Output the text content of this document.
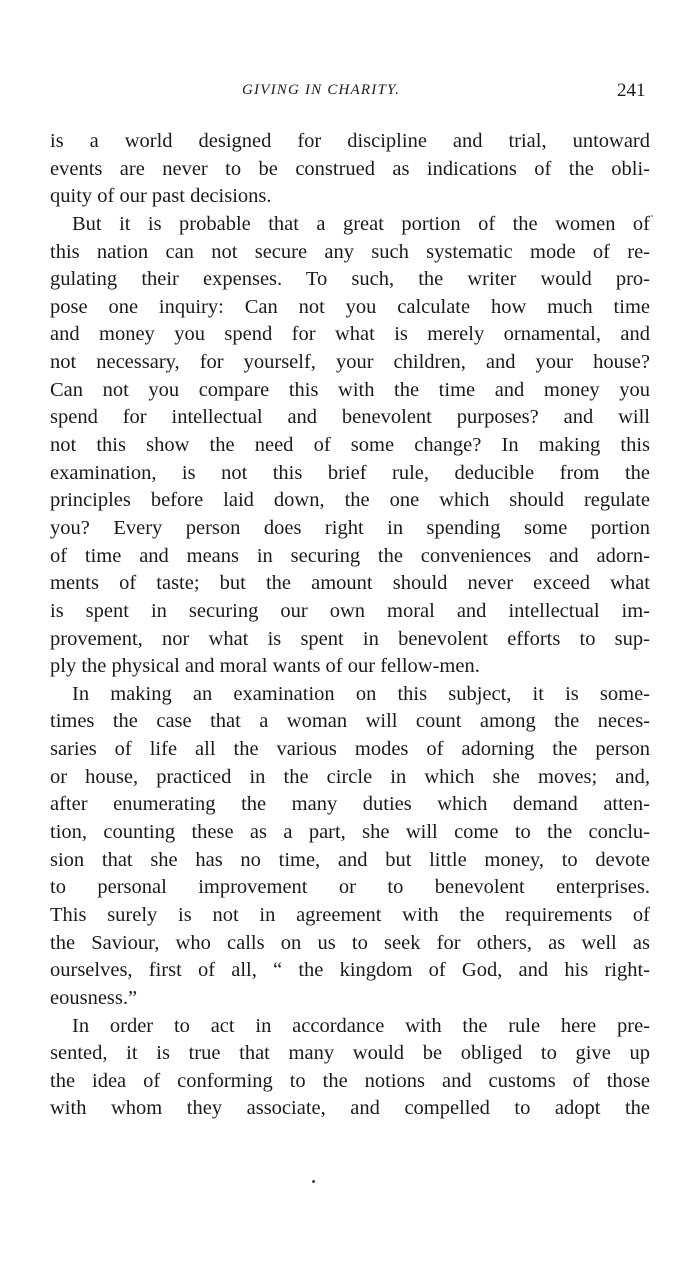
GIVING IN CHARITY.	241
is a world designed for discipline and trial, untoward
events are never to be construed as indications of the obli-
quity of our past decisions.
But it is probable that a great portion of the women of
this nation can not secure any such systematic mode of re-
gulating their expenses. To such, the writer would pro-
pose one inquiry: Can not you calculate how much time
and money you spend for what is merely ornamental, and
not necessary, for yourself, your children, and your house?
Can not you compare this with the time and money you
spend for intellectual and benevolent purposes? and will
not this show the need of some change? In making this
examination, is not this brief rule, deducible from the
principles before laid down, the one which should regulate
you? Every person does right in spending some portion
of time and means in securing the conveniences and adorn-
ments of taste; but the amount should never exceed what
is spent in securing our own moral and intellectual im-
provement, nor what is spent in benevolent efforts to sup-
ply the physical and moral wants of our fellow-men.
In making an examination on this subject, it is some-
times the case that a woman will count among the neces-
saries of life all the various modes of adorning the person
or house, practiced in the circle in which she moves; and,
after enumerating the many duties which demand atten-
tion, counting these as a part, she will come to the conclu-
sion that she has no time, and but little money, to devote
to personal improvement or to benevolent enterprises.
This surely is not in agreement with the requirements of
the Saviour, who calls on us to seek for others, as well as
ourselves, first of all, “ the kingdom of God, and his right-
eousness.”
In order to act in accordance with the rule here pre-
sented, it is true that many would be obliged to give up
the idea of conforming to the notions and customs of those
with whom they associate, and compelled to adopt the
